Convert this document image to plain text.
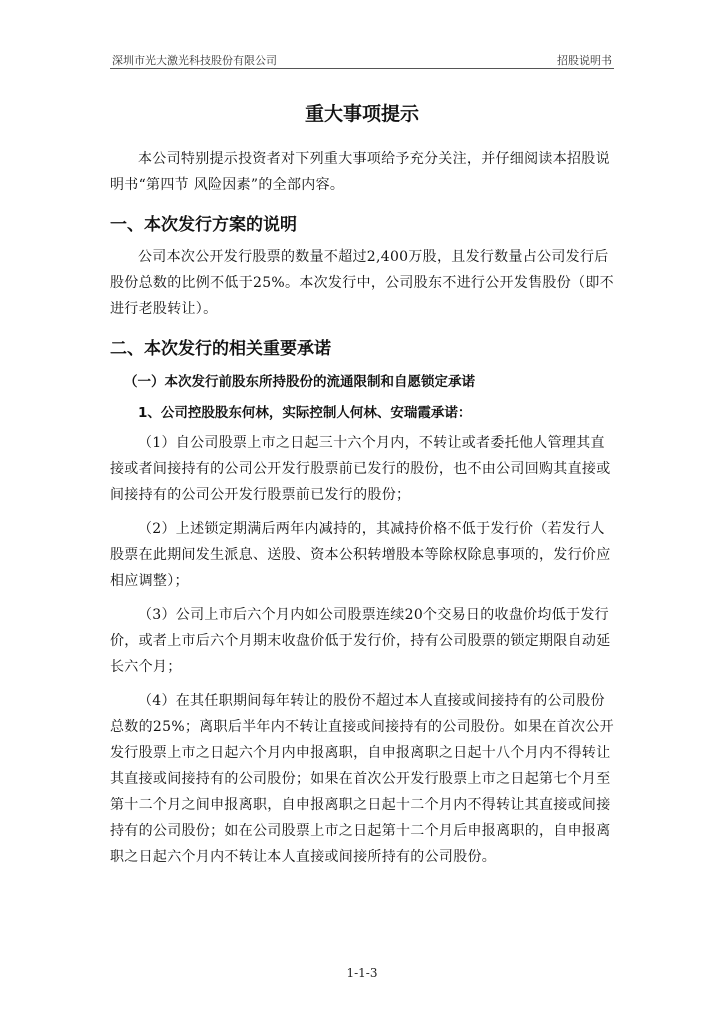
深圳市光大激光科技股份有限公司	招股说明书
重大事项提示

本公司特别提示投资者对下列重大事项给予充分关注，并仔细阅读本招股说明书“第四节 风险因素”的全部内容。

一、本次发行方案的说明

公司本次公开发行股票的数量不超过2,400万股，且发行数量占公司发行后股份总数的比例不低于25%。本次发行中，公司股东不进行公开发售股份（即不进行老股转让）。

二、本次发行的相关重要承诺
（一）本次发行前股东所持股份的流通限制和自愿锁定承诺
1、公司控股股东何林，实际控制人何林、安瑞霞承诺：

（1）自公司股票上市之日起三十六个月内，不转让或者委托他人管理其直接或者间接持有的公司公开发行股票前已发行的股份，也不由公司回购其直接或间接持有的公司公开发行股票前已发行的股份；

（2）上述锁定期满后两年内减持的，其减持价格不低于发行价（若发行人股票在此期间发生派息、送股、资本公积转增股本等除权除息事项的，发行价应相应调整）；

（3）公司上市后六个月内如公司股票连续20个交易日的收盘价均低于发行价，或者上市后六个月期末收盘价低于发行价，持有公司股票的锁定期限自动延长六个月；

（4）在其任职期间每年转让的股份不超过本人直接或间接持有的公司股份总数的25%；离职后半年内不转让直接或间接持有的公司股份。如果在首次公开发行股票上市之日起六个月内申报离职，自申报离职之日起十八个月内不得转让其直接或间接持有的公司股份；如果在首次公开发行股票上市之日起第七个月至第十二个月之间申报离职，自申报离职之日起十二个月内不得转让其直接或间接持有的公司股份；如在公司股票上市之日起第十二个月后申报离职的，自申报离职之日起六个月内不转让本人直接或间接所持有的公司股份。

1-1-3
